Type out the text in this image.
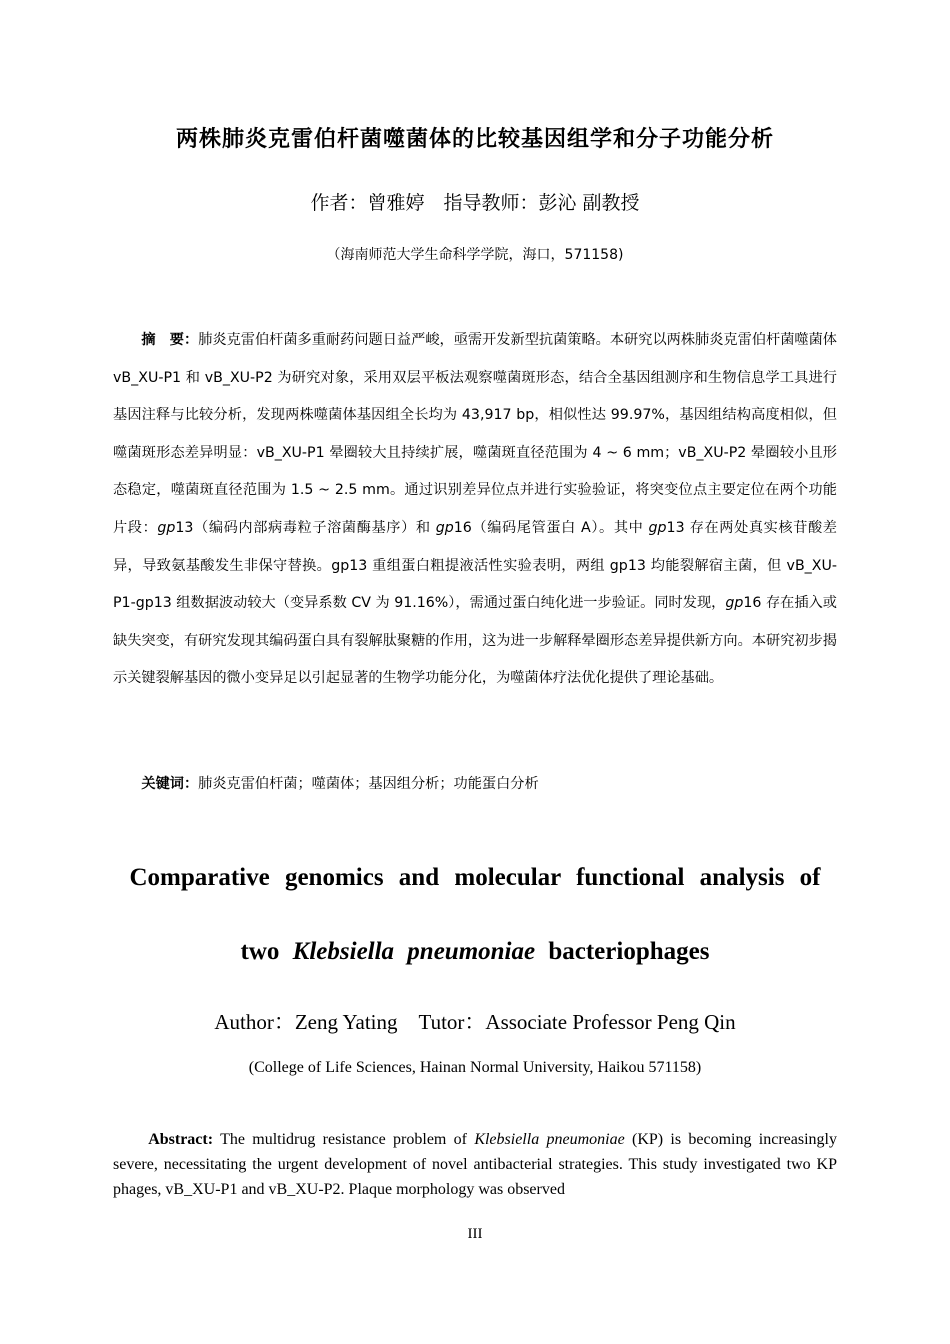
两株肺炎克雷伯杆菌噬菌体的比较基因组学和分子功能分析
作者：曾雅婷　指导教师：彭沁 副教授
（海南师范大学生命科学学院，海口，571158)

摘　要：肺炎克雷伯杆菌多重耐药问题日益严峻，亟需开发新型抗菌策略。本研究以两株肺炎克雷伯杆菌噬菌体 vB_XU-P1 和 vB_XU-P2 为研究对象，采用双层平板法观察噬菌斑形态，结合全基因组测序和生物信息学工具进行基因注释与比较分析，发现两株噬菌体基因组全长均为 43,917 bp，相似性达 99.97%，基因组结构高度相似，但噬菌斑形态差异明显：vB_XU-P1 晕圈较大且持续扩展，噬菌斑直径范围为 4 ~ 6 mm；vB_XU-P2 晕圈较小且形态稳定，噬菌斑直径范围为 1.5 ~ 2.5 mm。通过识别差异位点并进行实验验证，将突变位点主要定位在两个功能片段：gp13（编码内部病毒粒子溶菌酶基序）和 gp16（编码尾管蛋白 A）。其中 gp13 存在两处真实核苷酸差异，导致氨基酸发生非保守替换。gp13 重组蛋白粗提液活性实验表明，两组 gp13 均能裂解宿主菌，但 vB_XU-P1-gp13 组数据波动较大（变异系数 CV 为 91.16%），需通过蛋白纯化进一步验证。同时发现，gp16 存在插入或缺失突变，有研究发现其编码蛋白具有裂解肽聚糖的作用，这为进一步解释晕圈形态差异提供新方向。本研究初步揭示关键裂解基因的微小变异足以引起显著的生物学功能分化，为噬菌体疗法优化提供了理论基础。

关键词：肺炎克雷伯杆菌；噬菌体；基因组分析；功能蛋白分析

Comparative genomics and molecular functional analysis of
two Klebsiella pneumoniae bacteriophages
Author：Zeng Yating　Tutor：Associate Professor Peng Qin
(College of Life Sciences, Hainan Normal University, Haikou 571158)

Abstract: The multidrug resistance problem of Klebsiella pneumoniae (KP) is becoming increasingly severe, necessitating the urgent development of novel antibacterial strategies. This study investigated two KP phages, vB_XU-P1 and vB_XU-P2. Plaque morphology was observed

III
